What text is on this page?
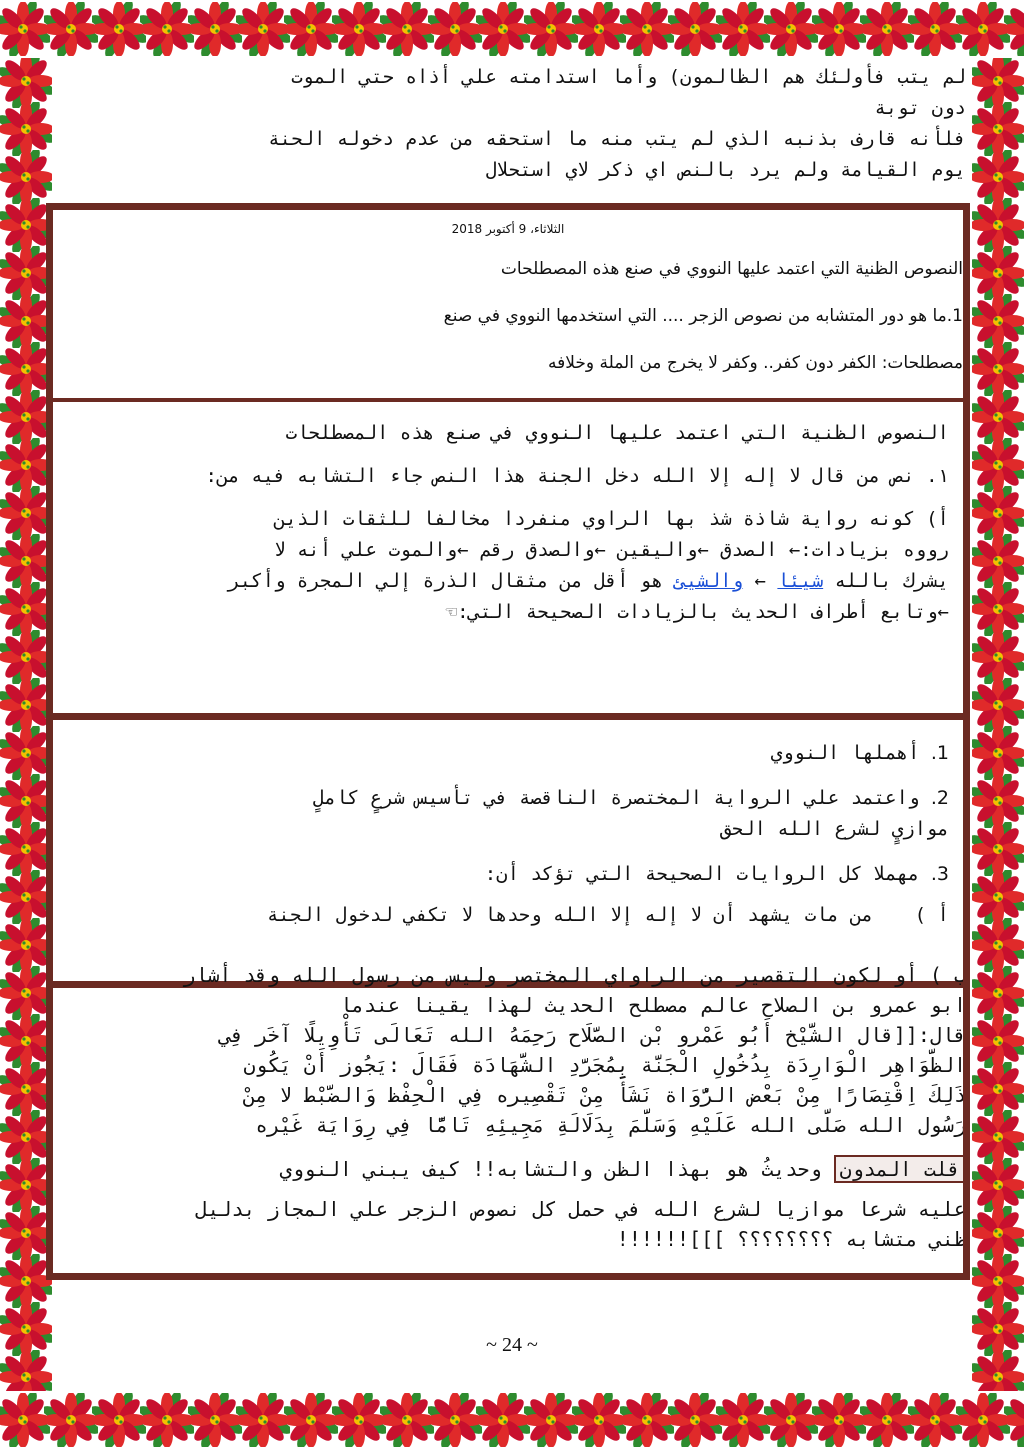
لم يتب فأولئك هم الظالمون) وأما استدامته علي أذاه حتي الموت

دون توبة

فلأنه قارف بذنبه الذي لم يتب منه ما استحقه من عدم دخوله الحنة

يوم القيامة ولم يرد بالنص اي ذكر لاي استحلال

الثلاثاء، 9 أكتوبر 2018

النصوص الظنية التي اعتمد عليها النووي في صنع هذه المصطلحات

1.ما هو دور المتشابه من نصوص الزجر .... التي استخدمها النووي في صنع

مصطلحات: الكفر دون كفر.. وكفر لا يخرج من الملة وخلافه

النصوص الظنية التي اعتمد عليها النووي في صنع هذه المصطلحات

١. نص من قال لا إله إلا الله دخل الجنة هذا النص جاء التشابه فيه من:

أ) كونه رواية شاذة شذ بها الراوي منفردا مخالفا للثقات الذين

رووه بزيادات:← الصدق ←واليقين ←والصدق رقم ←والموت علي أنه لا

يشرك بالله شيئا ← والشيئ هو أقل من مثقال الذرة إلي المجرة وأكبر

←وتابع أطراف الحديث بالزيادات الصحيحة التي:☜

1. أهملها النووي

2. واعتمد علي الرواية المختصرة الناقصة في تأسيس شرعٍ كاملٍ

موازيٍ لشرع الله الحق

3. مهملا كل الروايات الصحيحة التي تؤكد أن:

أ ) من مات يشهد أن لا إله إلا الله وحدها لا تكفي لدخول الجنة

ب ) أو لكون التقصير من الراواي المختصر وليس من رسول الله وقد أشار

ابو عمرو بن الصلاح عالم مصطلح الحديث لهذا يقينا عندما

قال:[[قال الشَّيْخ أَبُو عَمْرو بْن الصَّلَاح رَحِمَهُ الله تَعَالَى تَأْوِيلًا آخَر فِي

الظَّوَاهِر الْوَارِدَة بِدُخُولِ الْجَنَّة بِمُجَرَّدِ الشَّهَادَة فَقَالَ :يَجُوز أَنْ يَكُون

ذَلِكَ اِقْتِصَارًا مِنْ بَعْض الرُّوَاة نَشَأَ مِنْ تَقْصِيره فِي الْحِفْظ وَالضَّبْط لا مِنْ

رَسُول الله صَلَّى الله عَلَيْهِ وَسَلَّمَ بِدَلَالَةِ مَجِيئِهِ تَامًّا فِي رِوَايَة غَيْره

قلت المدون وحديثُ هو بهذا الظن والتشابه!! كيف يبني النووي

عليه شرعا موازيا لشرع الله في حمل كل نصوص الزجر علي المجاز بدليل

ظني متشابه ؟؟؟؟؟؟؟؟ ]]]!!!!!!

~ 24 ~
